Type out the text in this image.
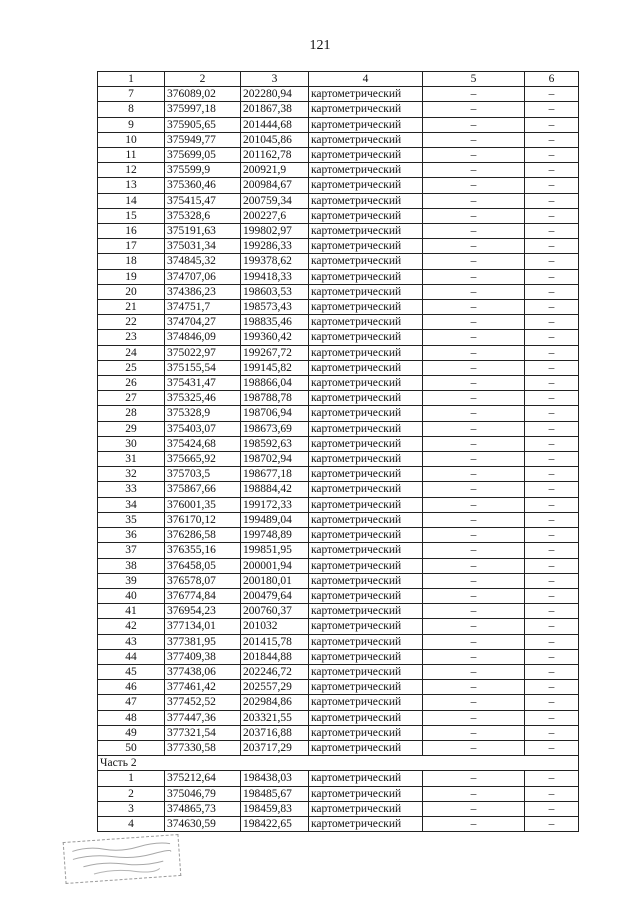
121
1	2	3	4	5	6
7	376089,02	202280,94	картометрический	–	–
8	375997,18	201867,38	картометрический	–	–
9	375905,65	201444,68	картометрический	–	–
10	375949,77	201045,86	картометрический	–	–
11	375699,05	201162,78	картометрический	–	–
12	375599,9	200921,9	картометрический	–	–
13	375360,46	200984,67	картометрический	–	–
14	375415,47	200759,34	картометрический	–	–
15	375328,6	200227,6	картометрический	–	–
16	375191,63	199802,97	картометрический	–	–
17	375031,34	199286,33	картометрический	–	–
18	374845,32	199378,62	картометрический	–	–
19	374707,06	199418,33	картометрический	–	–
20	374386,23	198603,53	картометрический	–	–
21	374751,7	198573,43	картометрический	–	–
22	374704,27	198835,46	картометрический	–	–
23	374846,09	199360,42	картометрический	–	–
24	375022,97	199267,72	картометрический	–	–
25	375155,54	199145,82	картометрический	–	–
26	375431,47	198866,04	картометрический	–	–
27	375325,46	198788,78	картометрический	–	–
28	375328,9	198706,94	картометрический	–	–
29	375403,07	198673,69	картометрический	–	–
30	375424,68	198592,63	картометрический	–	–
31	375665,92	198702,94	картометрический	–	–
32	375703,5	198677,18	картометрический	–	–
33	375867,66	198884,42	картометрический	–	–
34	376001,35	199172,33	картометрический	–	–
35	376170,12	199489,04	картометрический	–	–
36	376286,58	199748,89	картометрический	–	–
37	376355,16	199851,95	картометрический	–	–
38	376458,05	200001,94	картометрический	–	–
39	376578,07	200180,01	картометрический	–	–
40	376774,84	200479,64	картометрический	–	–
41	376954,23	200760,37	картометрический	–	–
42	377134,01	201032	картометрический	–	–
43	377381,95	201415,78	картометрический	–	–
44	377409,38	201844,88	картометрический	–	–
45	377438,06	202246,72	картометрический	–	–
46	377461,42	202557,29	картометрический	–	–
47	377452,52	202984,86	картометрический	–	–
48	377447,36	203321,55	картометрический	–	–
49	377321,54	203716,88	картометрический	–	–
50	377330,58	203717,29	картометрический	–	–
Часть 2					
1	375212,64	198438,03	картометрический	–	–
2	375046,79	198485,67	картометрический	–	–
3	374865,73	198459,83	картометрический	–	–
4	374630,59	198422,65	картометрический	–	–
